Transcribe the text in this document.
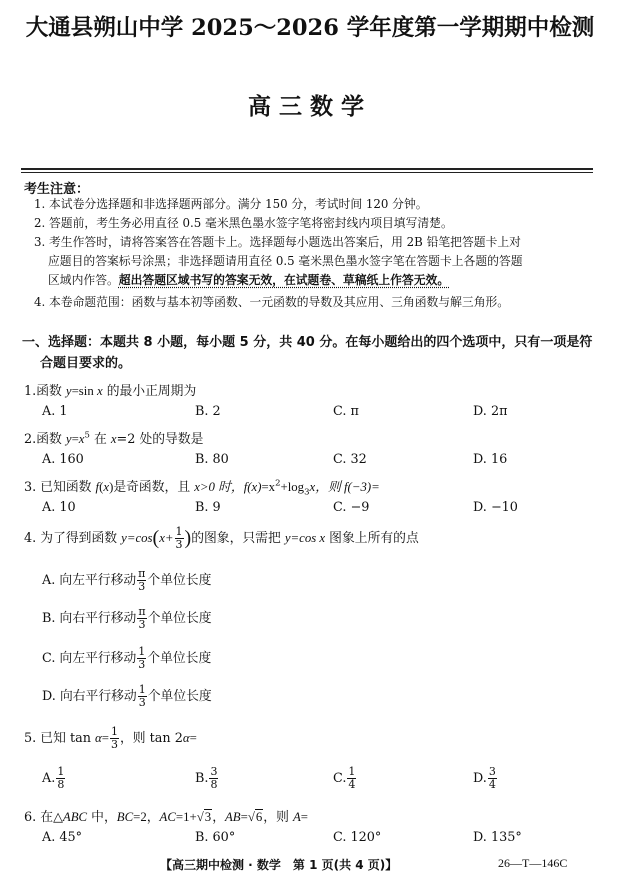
大通县朔山中学 2025～2026 学年度第一学期期中检测
高三数学
考生注意：
1. 本试卷分选择题和非选择题两部分。满分 150 分，考试时间 120 分钟。
2. 答题前，考生务必用直径 0.5 毫米黑色墨水签字笔将密封线内项目填写清楚。
3. 考生作答时，请将答案答在答题卡上。选择题每小题选出答案后，用 2B 铅笔把答题卡上对
应题目的答案标号涂黑；非选择题请用直径 0.5 毫米黑色墨水签字笔在答题卡上各题的答题
区域内作答。超出答题区域书写的答案无效，在试题卷、草稿纸上作答无效。
4. 本卷命题范围：函数与基本初等函数、一元函数的导数及其应用、三角函数与解三角形。
一、选择题：本题共 8 小题，每小题 5 分，共 40 分。在每小题给出的四个选项中，只有一项是符
合题目要求的。
1.函数 y=sin x 的最小正周期为
A. 1	B. 2	C. π	D. 2π
2.函数 $y=x^5$ 在 x=2 处的导数是
A. 160	B. 80	C. 32	D. 16
3. 已知函数 f(x)是奇函数，且 x>0 时，$f(x)=x^2+\log_3x$，则 f(−3)=
A. 10	B. 9	C. −9	D. −10
4. 为了得到函数 $y=\cos(x+ \frac{1}{3}$ )的图象，只需把 y=cos x 图象上所有的点
A. 向左平行移动 $\frac{\pi}{3}$ 个单位长度
B. 向右平行移动 $\frac{\pi}{3}$ 个单位长度
C. 向左平行移动 $\frac{1}{3}$ 个单位长度
D. 向右平行移动 $\frac{1}{3}$ 个单位长度
5. 已知 $\tan \alpha= \frac{1}{3}$ ，则 tan 2α=
A. $\frac{1}{8}$	B. $\frac{3}{8}$	C. $\frac{1}{4}$	D. $\frac{3}{4}$
6. 在△ABC 中，BC=2，AC=1+√3，AB=√6，则 A=
A. 45°	B. 60°	C. 120°	D. 135°
【高三期中检测 · 数学　第 1 页(共 4 页)】	26—T—146C
